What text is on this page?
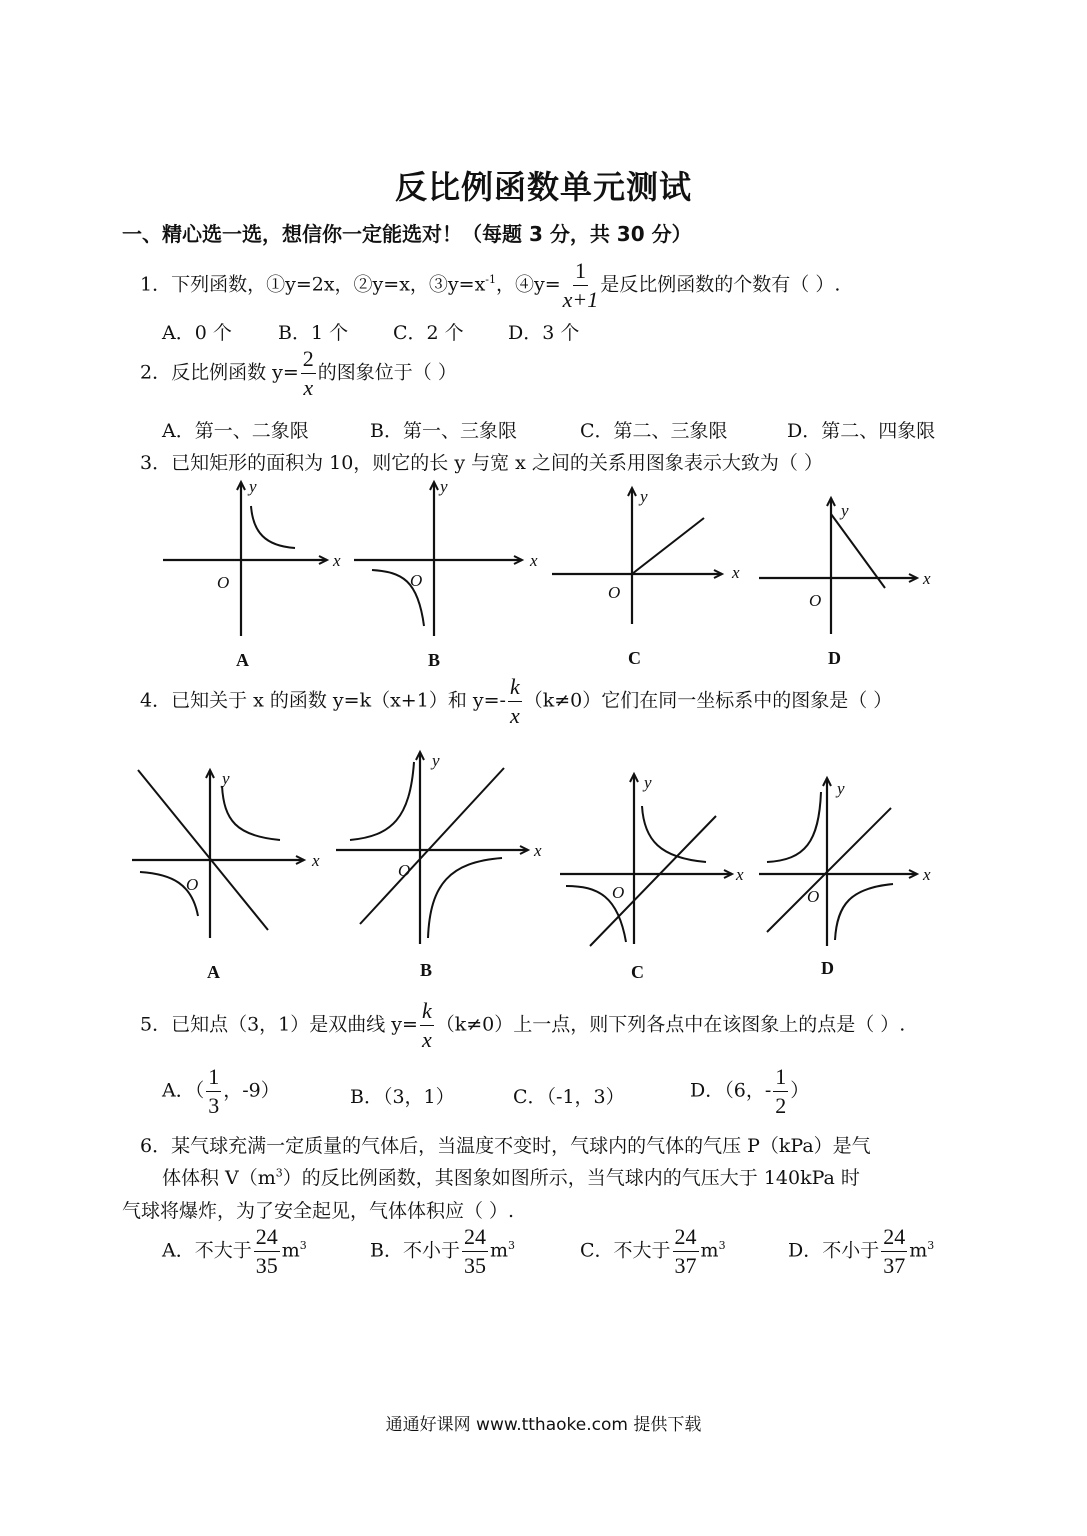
反比例函数单元测试
一、精心选一选，想信你一定能选对！（每题 3 分，共 30 分）
1．下列函数，①y=2x，②y=x，$③y=x^{-1}$，④y= $\frac{1}{x+1}$ 是反比例函数的个数有（ ）.
A．0 个 B．1 个 C．2 个 D．3 个
2．反比例函数 $y= \frac{2}{x}$ 的图象位于（ ）
A．第一、二象限	B．第一、三象限	C．第二、三象限	D．第二、四象限
3．已知矩形的面积为 10，则它的长 y 与宽 x 之间的关系用图象表示大致为（ ）
x
y
O
A
x
y
O
B
x
y
O
C
x
y
O
D
4．已知关于 x 的函数 y=k（x+1）和 $y=- \frac{k}{x} (k\ne 0)$它们在同一坐标系中的图象是（ ）
x
y
O
A
x
y
O
B
x
y
O
C
x
y
O
D
5．已知点（3，1）是双曲线 $y= \frac{k}{x} (k\ne 0)$上一点，则下列各点中在该图象上的点是（ ）.
A．（ $\frac{1}{3}$ ，-9）	B．（3，1）	C．（-1，3）	D．（6，- $\frac{1}{2}$ ）
6．某气球充满一定质量的气体后，当温度不变时，气球内的气体的气压 P（kPa）是气
体体积 $V(m^3)$的反比例函数，其图象如图所示，当气球内的气压大于 140kPa 时
气球将爆炸，为了安全起见，气体体积应（ ）.
A．不大于 $\frac{24}{35} m^3$	B．不小于 $\frac{24}{35} m^3$	C．不大于 $\frac{24}{37} m^3$	D．不小于 $\frac{24}{37} m^3$
通通好课网 www.tthaoke.com 提供下载
